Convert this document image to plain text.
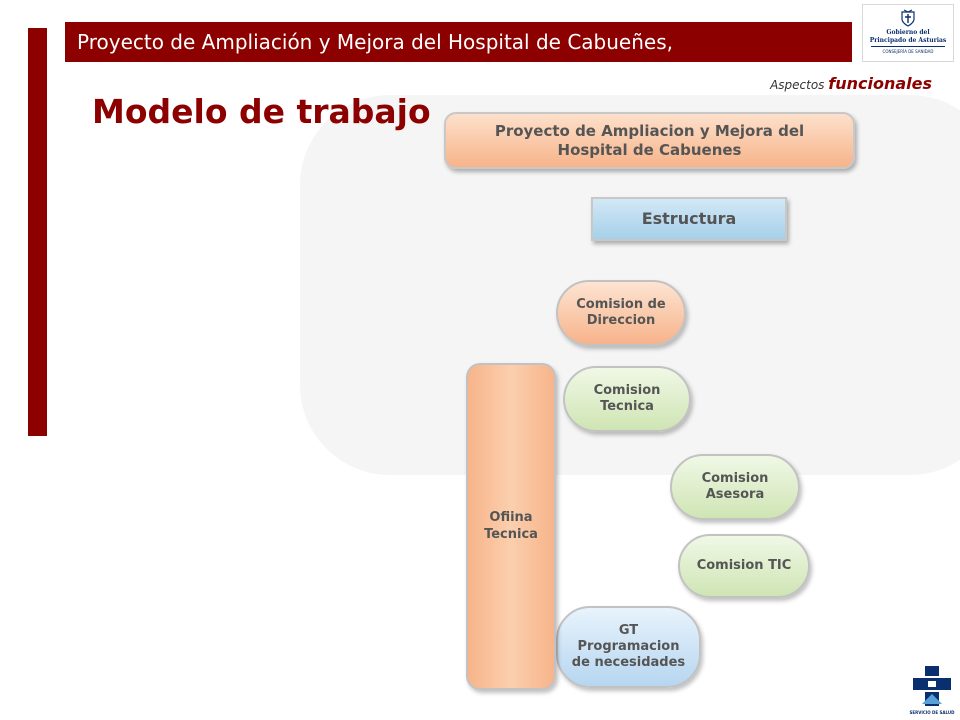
Proyecto de Ampliación y Mejora del Hospital de Cabueñes,	Gobierno del
Principado de Asturias
CONSEJERÍA DE SANIDAD
Aspectos funcionales
Modelo de trabajo	Proyecto de Ampliacion y Mejora del
Hospital de Cabuenes
Estructura
Comision de
Direccion
Comision
Tecnica
Comision
Asesora
Comision TIC
GT
Programacion
de necesidades
Ofiina
Tecnica
SERVICIO DE SALUD
